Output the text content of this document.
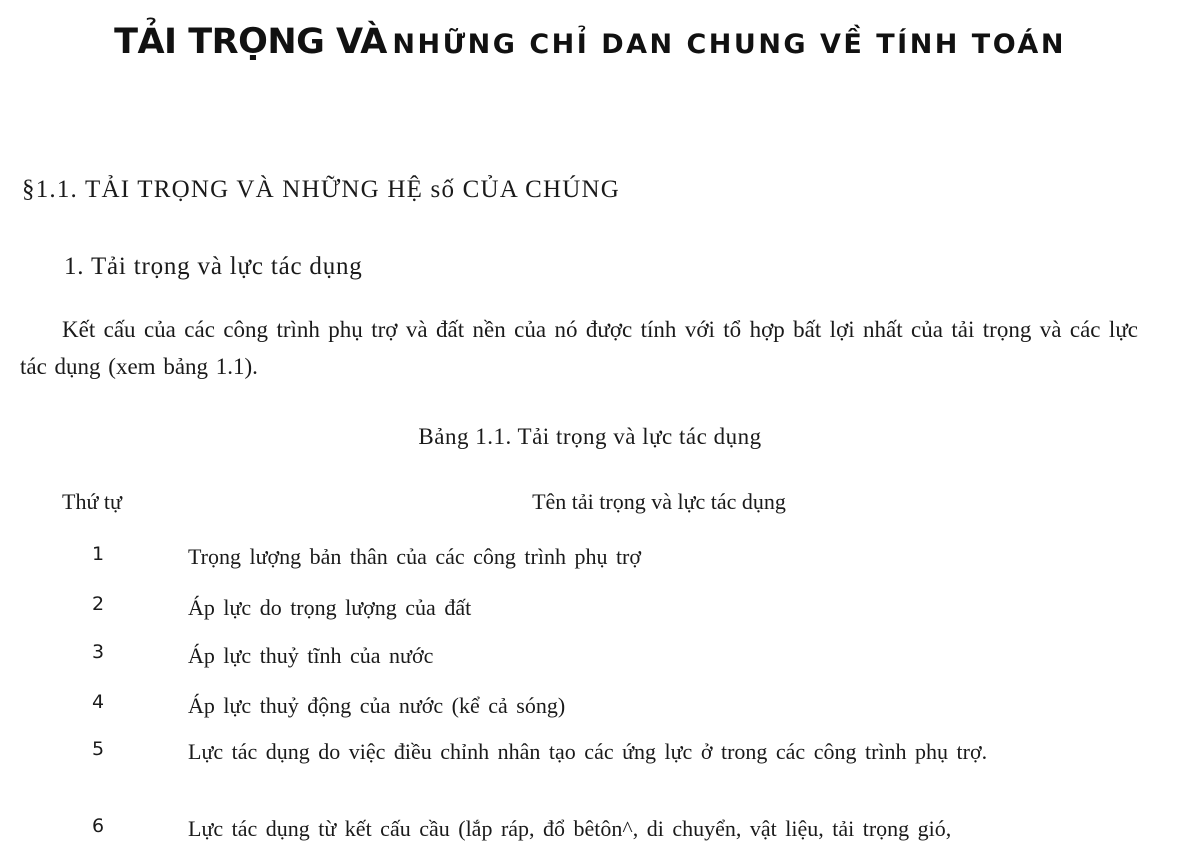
TẢI TRỌNG VÀ NHỮNG CHỈ DAN CHUNG VỀ TÍNH TOÁN
§1.1. TẢI TRỌNG VÀ NHỮNG HỆ số CỦA CHÚNG
1. Tải trọng và lực tác dụng
Kết cấu của các công trình phụ trợ và đất nền của nó được tính với tổ hợp bất lợi nhất của tải trọng và các lực tác dụng (xem bảng 1.1).
Bảng 1.1. Tải trọng và lực tác dụng
Thứ tự	Tên tải trọng và lực tác dụng
1	Trọng lượng bản thân của các công trình phụ trợ
2	Áp lực do trọng lượng của đất
3	Áp lực thuỷ tĩnh của nước
4	Áp lực thuỷ động của nước (kể cả sóng)
5	Lực tác dụng do việc điều chỉnh nhân tạo các ứng lực ở trong các công trình phụ trợ.
6	Lực tác dụng từ kết cấu cầu (lắp ráp, đổ bêtôn^, di chuyển, vật liệu, tải trọng gió,
